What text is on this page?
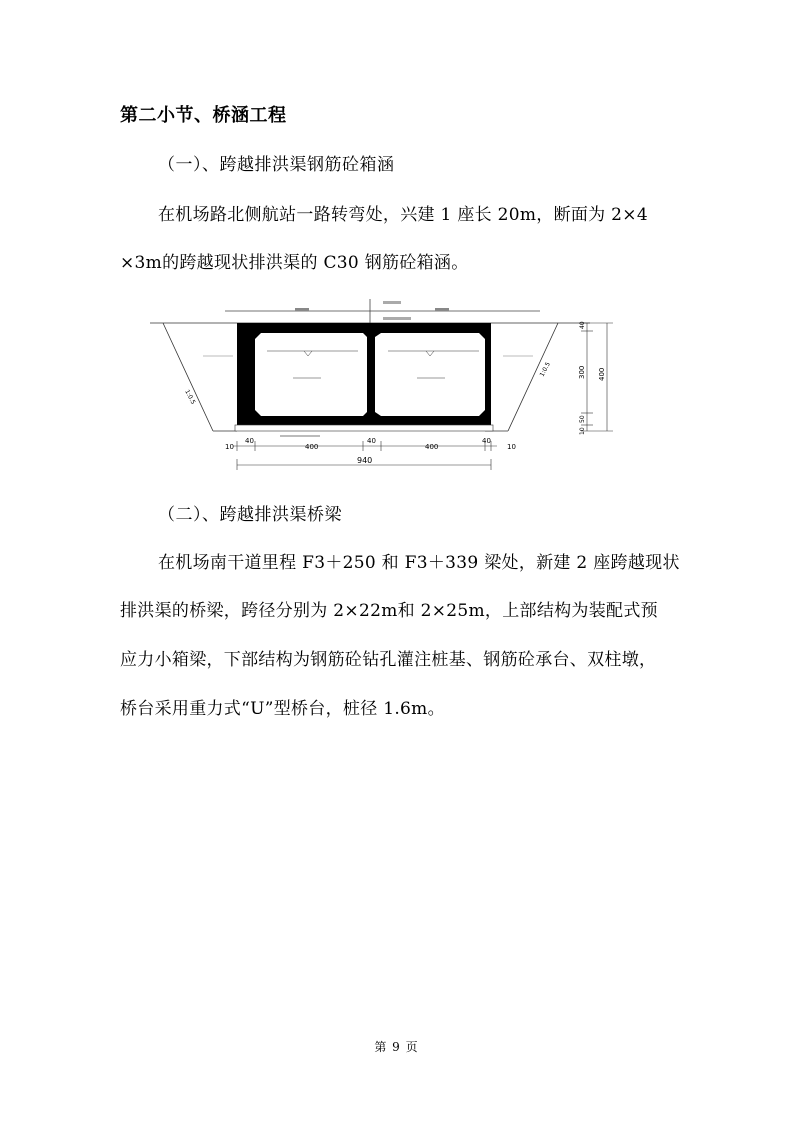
第二小节、桥涵工程
（一）、跨越排洪渠钢筋砼箱涵
在机场路北侧航站一路转弯处，兴建 1 座长 20m，断面为 2×4
×3m的跨越现状排洪渠的 C30 钢筋砼箱涵。
1:0.5
1:0.5
10
40
400
40
400
40
10
940
40
300 400
10
50
（二）、跨越排洪渠桥梁
在机场南干道里程 F3＋250 和 F3＋339 梁处，新建 2 座跨越现状
排洪渠的桥梁，跨径分别为 2×22m和 2×25m，上部结构为装配式预
应力小箱梁，下部结构为钢筋砼钻孔灌注桩基、钢筋砼承台、双柱墩，
桥台采用重力式“U”型桥台，桩径 1.6m。
第 9 页
